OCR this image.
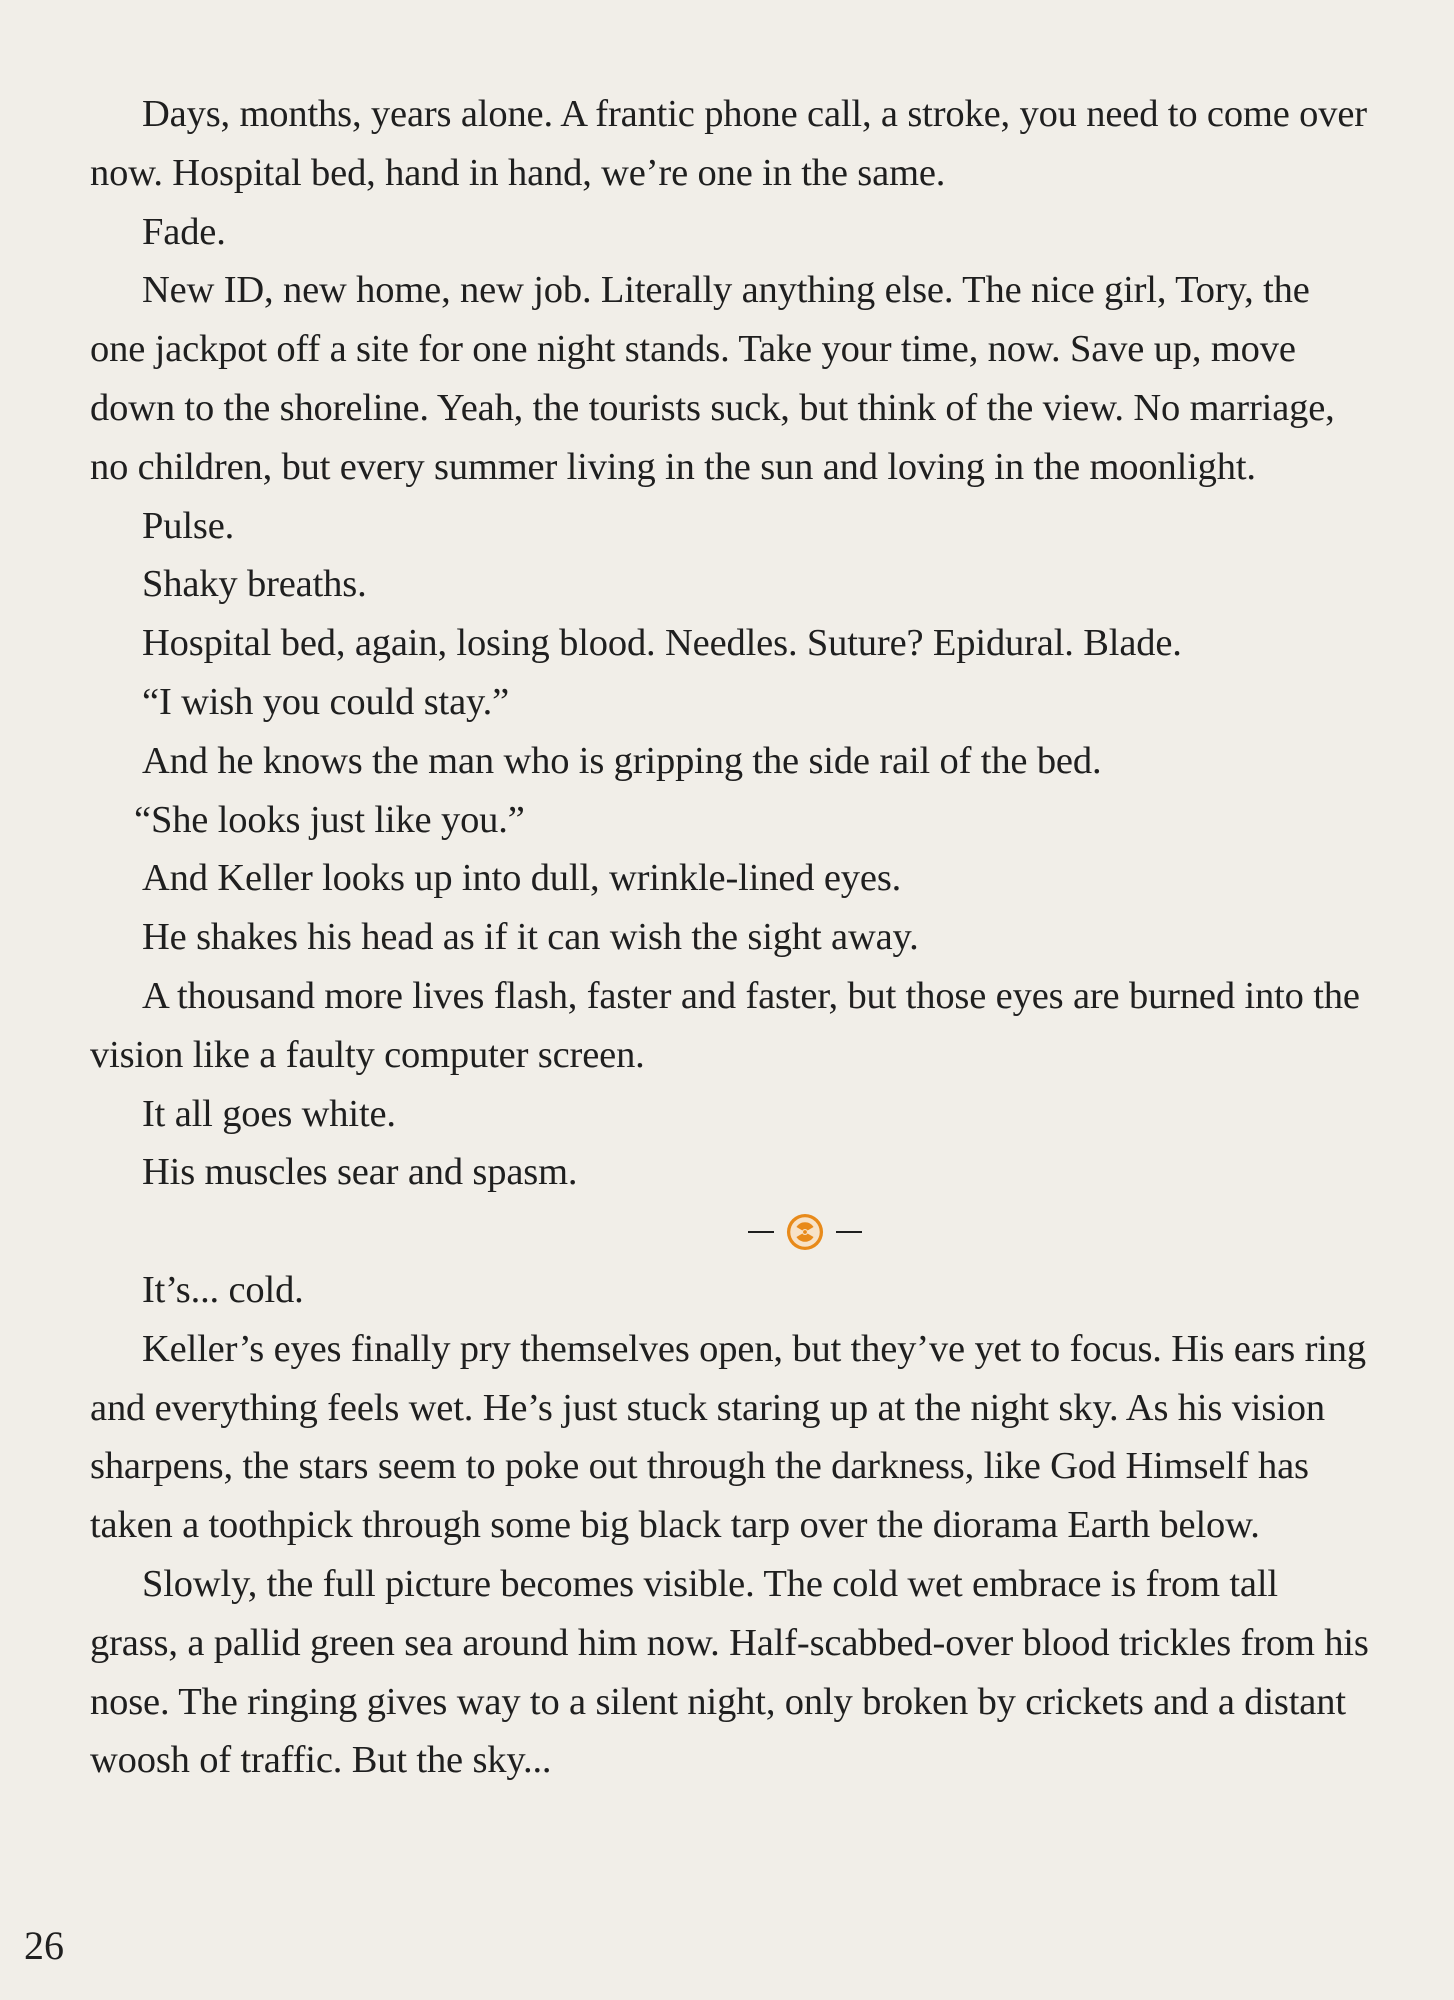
Days, months, years alone. A frantic phone call, a stroke, you need to come over now. Hospital bed, hand in hand, we’re one in the same.

Fade.

New ID, new home, new job. Literally anything else. The nice girl, Tory, the one jackpot off a site for one night stands. Take your time, now. Save up, move down to the shoreline. Yeah, the tourists suck, but think of the view. No marriage, no children, but every summer living in the sun and loving in the moonlight.

Pulse.

Shaky breaths.

Hospital bed, again, losing blood. Needles. Suture? Epidural. Blade.

“I wish you could stay.”

And he knows the man who is gripping the side rail of the bed.

“She looks just like you.”

And Keller looks up into dull, wrinkle-lined eyes.

He shakes his head as if it can wish the sight away.

A thousand more lives flash, faster and faster, but those eyes are burned into the vision like a faulty computer screen.

It all goes white.

His muscles sear and spasm.

It’s... cold.

Keller’s eyes finally pry themselves open, but they’ve yet to focus. His ears ring and everything feels wet. He’s just stuck staring up at the night sky. As his vision sharpens, the stars seem to poke out through the darkness, like God Himself has taken a toothpick through some big black tarp over the diorama Earth below.

Slowly, the full picture becomes visible. The cold wet embrace is from tall grass, a pallid green sea around him now. Half-scabbed-over blood trickles from his nose. The ringing gives way to a silent night, only broken by crickets and a distant woosh of traffic. But the sky...

26
